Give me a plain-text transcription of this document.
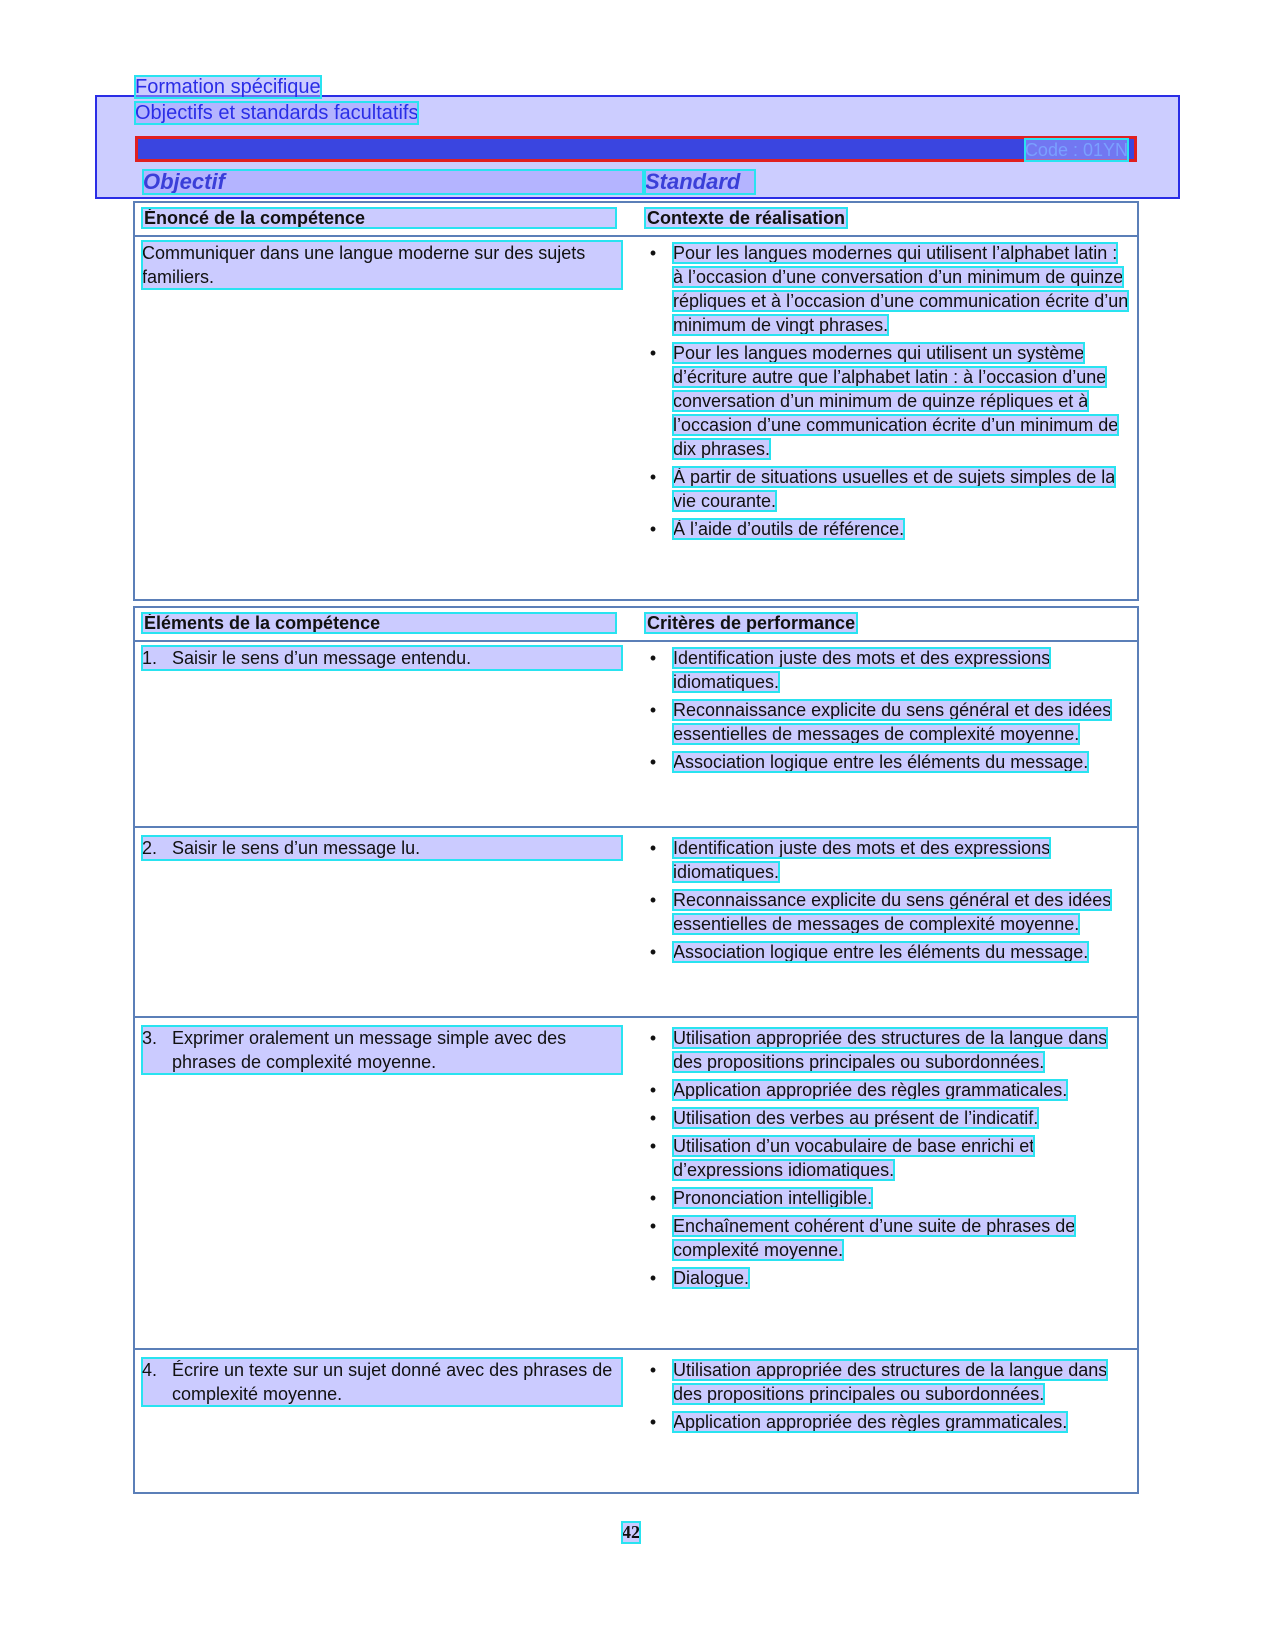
Formation spécifique
Objectifs et standards facultatifs
Code : 01YN
Objectif	Standard
Énoncé de la compétence	Contexte de réalisation
Communiquer dans une langue moderne sur des sujets familiers.
• Pour les langues modernes qui utilisent l’alphabet latin : à l’occasion d’une conversation d’un minimum de quinze répliques et à l’occasion d’une communication écrite d’un minimum de vingt phrases.
• Pour les langues modernes qui utilisent un système d’écriture autre que l’alphabet latin : à l’occasion d’une conversation d’un minimum de quinze répliques et à l’occasion d’une communication écrite d’un minimum de dix phrases.
• À partir de situations usuelles et de sujets simples de la vie courante.
• À l’aide d’outils de référence.
Éléments de la compétence	Critères de performance
1. Saisir le sens d’un message entendu.	• Identification juste des mots et des expressions idiomatiques.
• Reconnaissance explicite du sens général et des idées essentielles de messages de complexité moyenne.
• Association logique entre les éléments du message.
2. Saisir le sens d’un message lu.	• Identification juste des mots et des expressions idiomatiques.
• Reconnaissance explicite du sens général et des idées essentielles de messages de complexité moyenne.
• Association logique entre les éléments du message.
3. Exprimer oralement un message simple avec des phrases de complexité moyenne.
• Utilisation appropriée des structures de la langue dans des propositions principales ou subordonnées.
• Application appropriée des règles grammaticales.
• Utilisation des verbes au présent de l’indicatif.
• Utilisation d’un vocabulaire de base enrichi et d’expressions idiomatiques.
• Prononciation intelligible.
• Enchaînement cohérent d’une suite de phrases de complexité moyenne.
• Dialogue.
4. Écrire un texte sur un sujet donné avec des phrases de complexité moyenne.
• Utilisation appropriée des structures de la langue dans des propositions principales ou subordonnées.
• Application appropriée des règles grammaticales.
42
